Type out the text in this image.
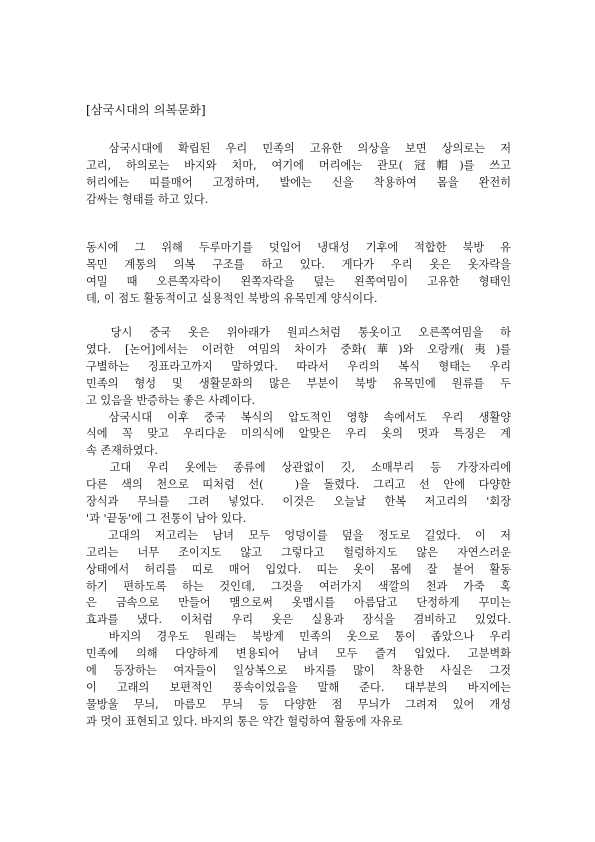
[삼국시대의 의복문화]
　삼국시대에 확립된 우리 민족의 고유한 의상을 보면 상의로는 저
고리, 하의로는 바지와 치마, 여기에 머리에는 관모(冠帽)를 쓰고
허리에는 띠를매어 고정하며, 발에는 신을 착용하여 몸을 완전히
감싸는 형태를 하고 있다.
동시에 그 위해 두루마기를 덧입어 냉대성 기후에 적합한 북방 유
목민 계통의 의복 구조를 하고 있다. 게다가 우리 옷은 옷자락을
여밀 때 오른쪽자락이 왼쪽자락을 덮는 왼쪽여밈이 고유한 형태인
데, 이 점도 활동적이고 실용적인 북방의 유목민계 양식이다.
　당시 중국 옷은 위아래가 원피스처럼 통옷이고 오른쪽여밈을 하
였다. [논어]에서는 이러한 여밈의 차이가 중화(華)와 오랑캐(夷)를
구별하는 징표라고까지 말하였다. 따라서 우리의 복식 형태는 우리
민족의 형성 및 생활문화의 많은 부분이 북방 유목민에 원류를 두
고 있음을 반증하는 좋은 사례이다.
　삼국시대 이후 중국 복식의 압도적인 영향 속에서도 우리 생활양
식에 꼭 맞고 우리다운 미의식에 알맞은 우리 옷의 멋과 특징은 계
속 존재하였다.
　고대 우리 옷에는 종류에 상관없이 깃, 소매부리 등 가장자리에
다른 색의 천으로 띠처럼 선(　)을 돌렸다. 그리고 선 안에 다양한
장식과 무늬를 그려 넣었다. 이것은 오늘날 한복 저고리의 '회장
'과 '끝동'에 그 전통이 남아 있다.
　고대의 저고리는 남녀 모두 엉덩이를 덮을 정도로 길었다. 이 저
고리는 너무 조이지도 않고 그렇다고 헐렁하지도 않은 자연스러운
상태에서 허리를 띠로 매어 입었다. 띠는 옷이 몸에 잘 붙어 활동
하기 편하도록 하는 것인데, 그것을 여러가지 색깔의 천과 가죽 혹
은 금속으로 만들어 맴으로써 옷맵시를 아름답고 단정하게 꾸미는
효과를 냈다. 이처럼 우리 옷은 실용과 장식을 겸비하고 있었다.
　바지의 경우도 원래는 북방계 민족의 옷으로 통이 좁았으나 우리
민족에 의해 다양하게 변용되어 남녀 모두 즐겨 입었다. 고분벽화
에 등장하는 여자들이 일상복으로 바지를 많이 착용한 사실은 그것
이 고래의 보편적인 풍속이었음을 말해 준다. 대부분의 바지에는
물방울 무늬, 마름모 무늬 등 다양한 점 무늬가 그려져 있어 개성
과 멋이 표현되고 있다. 바지의 통은 약간 헐렁하여 활동에 자유로
